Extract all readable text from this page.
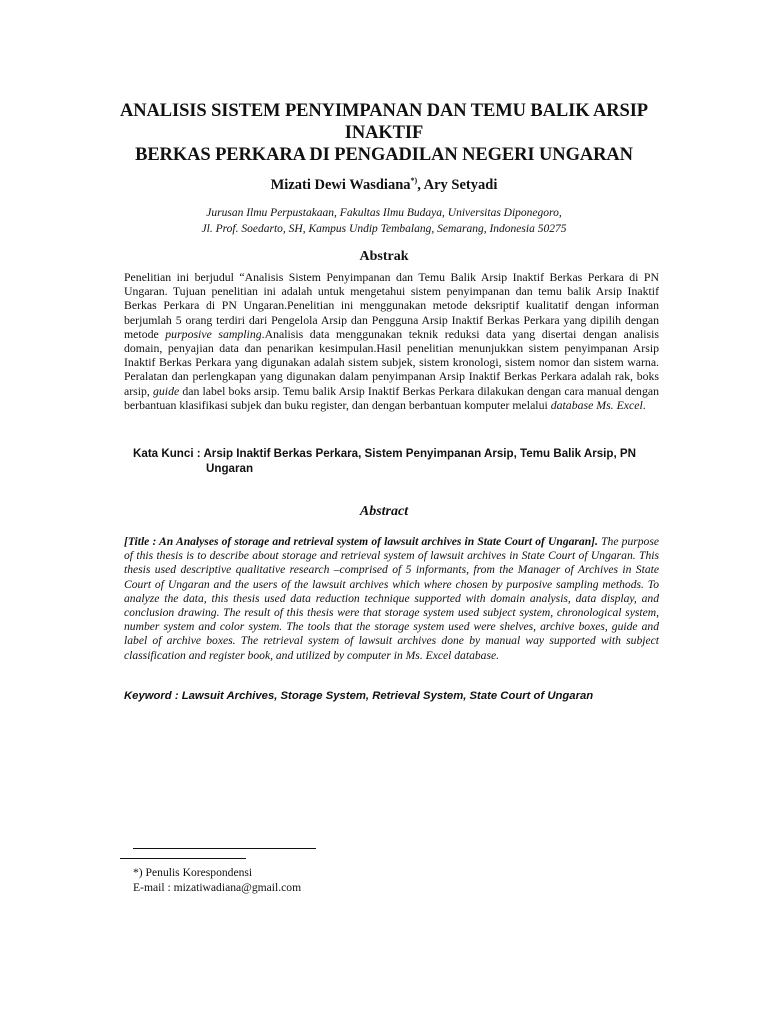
ANALISIS SISTEM PENYIMPANAN DAN TEMU BALIK ARSIP INAKTIF
BERKAS PERKARA DI PENGADILAN NEGERI UNGARAN
Mizati Dewi Wasdiana*), Ary Setyadi
Jurusan Ilmu Perpustakaan, Fakultas Ilmu Budaya, Universitas Diponegoro,
Jl. Prof. Soedarto, SH, Kampus Undip Tembalang, Semarang, Indonesia 50275
Abstrak
Penelitian ini berjudul “Analisis Sistem Penyimpanan dan Temu Balik Arsip Inaktif Berkas Perkara di PN Ungaran. Tujuan penelitian ini adalah untuk mengetahui sistem penyimpanan dan temu balik Arsip Inaktif Berkas Perkara di PN Ungaran.Penelitian ini menggunakan metode deksriptif kualitatif dengan informan berjumlah 5 orang terdiri dari Pengelola Arsip dan Pengguna Arsip Inaktif Berkas Perkara yang dipilih dengan metode purposive sampling.Analisis data menggunakan teknik reduksi data yang disertai dengan analisis domain, penyajian data dan penarikan kesimpulan.Hasil penelitian menunjukkan sistem penyimpanan Arsip Inaktif Berkas Perkara yang digunakan adalah sistem subjek, sistem kronologi, sistem nomor dan sistem warna. Peralatan dan perlengkapan yang digunakan dalam penyimpanan Arsip Inaktif Berkas Perkara adalah rak, boks arsip, guide dan label boks arsip. Temu balik Arsip Inaktif Berkas Perkara dilakukan dengan cara manual dengan berbantuan klasifikasi subjek dan buku register, dan dengan berbantuan komputer melalui database Ms. Excel.
Kata Kunci : Arsip Inaktif Berkas Perkara, Sistem Penyimpanan Arsip, Temu Balik Arsip, PN
Ungaran
Abstract
[Title : An Analyses of storage and retrieval system of lawsuit archives in State Court of Ungaran]. The purpose of this thesis is to describe about storage and retrieval system of lawsuit archives in State Court of Ungaran. This thesis used descriptive qualitative research –comprised of 5 informants, from the Manager of Archives in State Court of Ungaran and the users of the lawsuit archives which where chosen by purposive sampling methods. To analyze the data, this thesis used data reduction technique supported with domain analysis, data display, and conclusion drawing. The result of this thesis were that storage system used subject system, chronological system, number system and color system. The tools that the storage system used were shelves, archive boxes, guide and label of archive boxes. The retrieval system of lawsuit archives done by manual way supported with subject classification and register book, and utilized by computer in Ms. Excel database.
Keyword : Lawsuit Archives, Storage System, Retrieval System, State Court of Ungaran
*) Penulis Korespondensi
E-mail : mizatiwadiana@gmail.com
